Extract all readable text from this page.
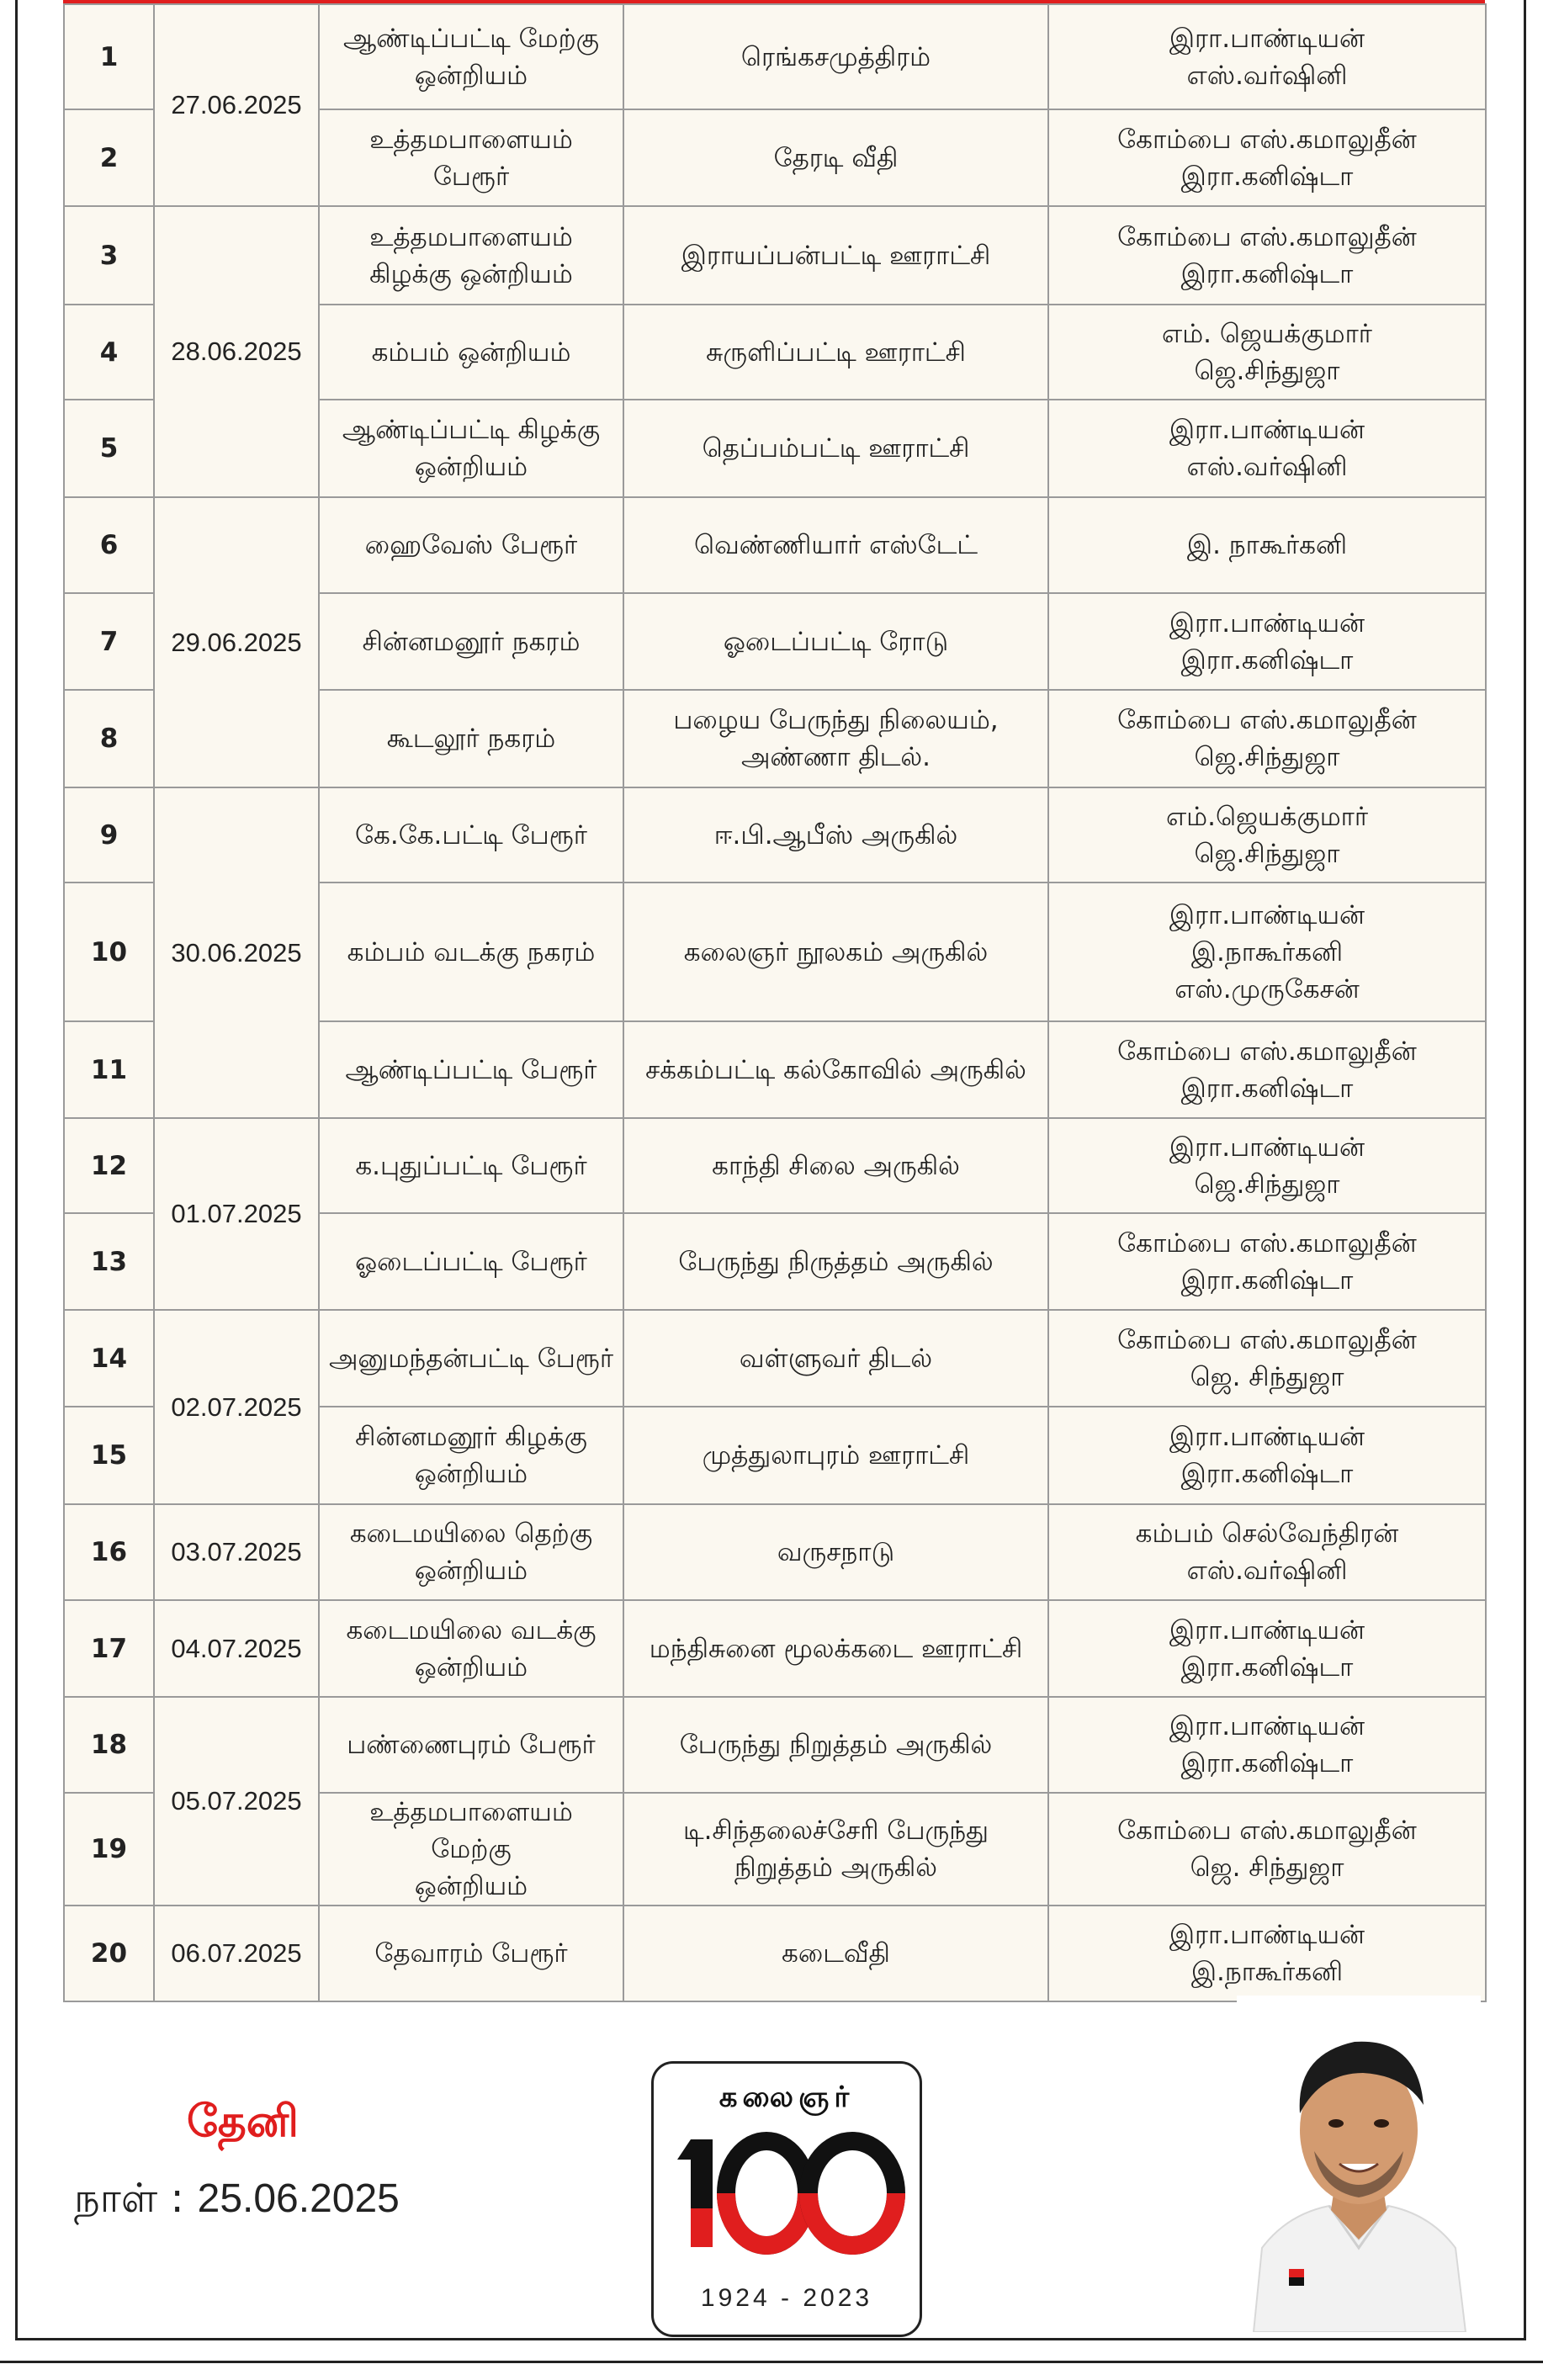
1	27.06.2025	ஆண்டிப்பட்டி மேற்கு
ஒன்றியம்	ரெங்கசமுத்திரம்	இரா.பாண்டியன்
எஸ்.வர்ஷினி

2		உத்தமபாளையம் பேரூர்	தேரடி வீதி	கோம்பை எஸ்.கமாலுதீன்
இரா.கனிஷ்டா

3	28.06.2025	உத்தமபாளையம்
கிழக்கு ஒன்றியம்	இராயப்பன்பட்டி ஊராட்சி	கோம்பை எஸ்.கமாலுதீன்
இரா.கனிஷ்டா

4		கம்பம் ஒன்றியம்	சுருளிப்பட்டி ஊராட்சி	எம். ஜெயக்குமார்
ஜெ.சிந்துஜா

5		ஆண்டிப்பட்டி கிழக்கு
ஒன்றியம்	தெப்பம்பட்டி ஊராட்சி	இரா.பாண்டியன்
எஸ்.வர்ஷினி

6	29.06.2025	ஹைவேஸ் பேரூர்	வெண்ணியார் எஸ்டேட்	இ. நாகூர்கனி

7		சின்னமனூர் நகரம்	ஓடைப்பட்டி ரோடு	இரா.பாண்டியன்
இரா.கனிஷ்டா

8		கூடலூர் நகரம்	பழைய பேருந்து நிலையம்,
அண்ணா திடல்.	கோம்பை எஸ்.கமாலுதீன்
ஜெ.சிந்துஜா

9	30.06.2025	கே.கே.பட்டி பேரூர்	ஈ.பி.ஆபீஸ் அருகில்	எம்.ஜெயக்குமார்
ஜெ.சிந்துஜா

10		கம்பம் வடக்கு நகரம்	கலைஞர் நூலகம் அருகில்	இரா.பாண்டியன்
இ.நாகூர்கனி
எஸ்.முருகேசன்

11		ஆண்டிப்பட்டி பேரூர்	சக்கம்பட்டி கல்கோவில் அருகில்	கோம்பை எஸ்.கமாலுதீன்
இரா.கனிஷ்டா

12	01.07.2025	க.புதுப்பட்டி பேரூர்	காந்தி சிலை அருகில்	இரா.பாண்டியன்
ஜெ.சிந்துஜா

13		ஓடைப்பட்டி பேரூர்	பேருந்து நிருத்தம் அருகில்	கோம்பை எஸ்.கமாலுதீன்
இரா.கனிஷ்டா

14	02.07.2025	அனுமந்தன்பட்டி பேரூர்	வள்ளுவர் திடல்	கோம்பை எஸ்.கமாலுதீன்
ஜெ. சிந்துஜா

15		சின்னமனூர் கிழக்கு
ஒன்றியம்	முத்துலாபுரம் ஊராட்சி	இரா.பாண்டியன்
இரா.கனிஷ்டா

16	03.07.2025	கடைமயிலை தெற்கு
ஒன்றியம்	வருசநாடு	கம்பம் செல்வேந்திரன்
எஸ்.வர்ஷினி

17	04.07.2025	கடைமயிலை வடக்கு
ஒன்றியம்	மந்திசுனை மூலக்கடை ஊராட்சி	இரா.பாண்டியன்
இரா.கனிஷ்டா

18	05.07.2025	பண்ணைபுரம் பேரூர்	பேருந்து நிறுத்தம் அருகில்	இரா.பாண்டியன்
இரா.கனிஷ்டா

19		உத்தமபாளையம் மேற்கு
ஒன்றியம்	டி.சிந்தலைச்சேரி பேருந்து
நிறுத்தம் அருகில்	கோம்பை எஸ்.கமாலுதீன்
ஜெ. சிந்துஜா

20	06.07.2025	தேவாரம் பேரூர்	கடைவீதி	இரா.பாண்டியன்
இ.நாகூர்கனி
தேனி
நாள் : 25.06.2025
கலைஞர்
1924 - 2023
